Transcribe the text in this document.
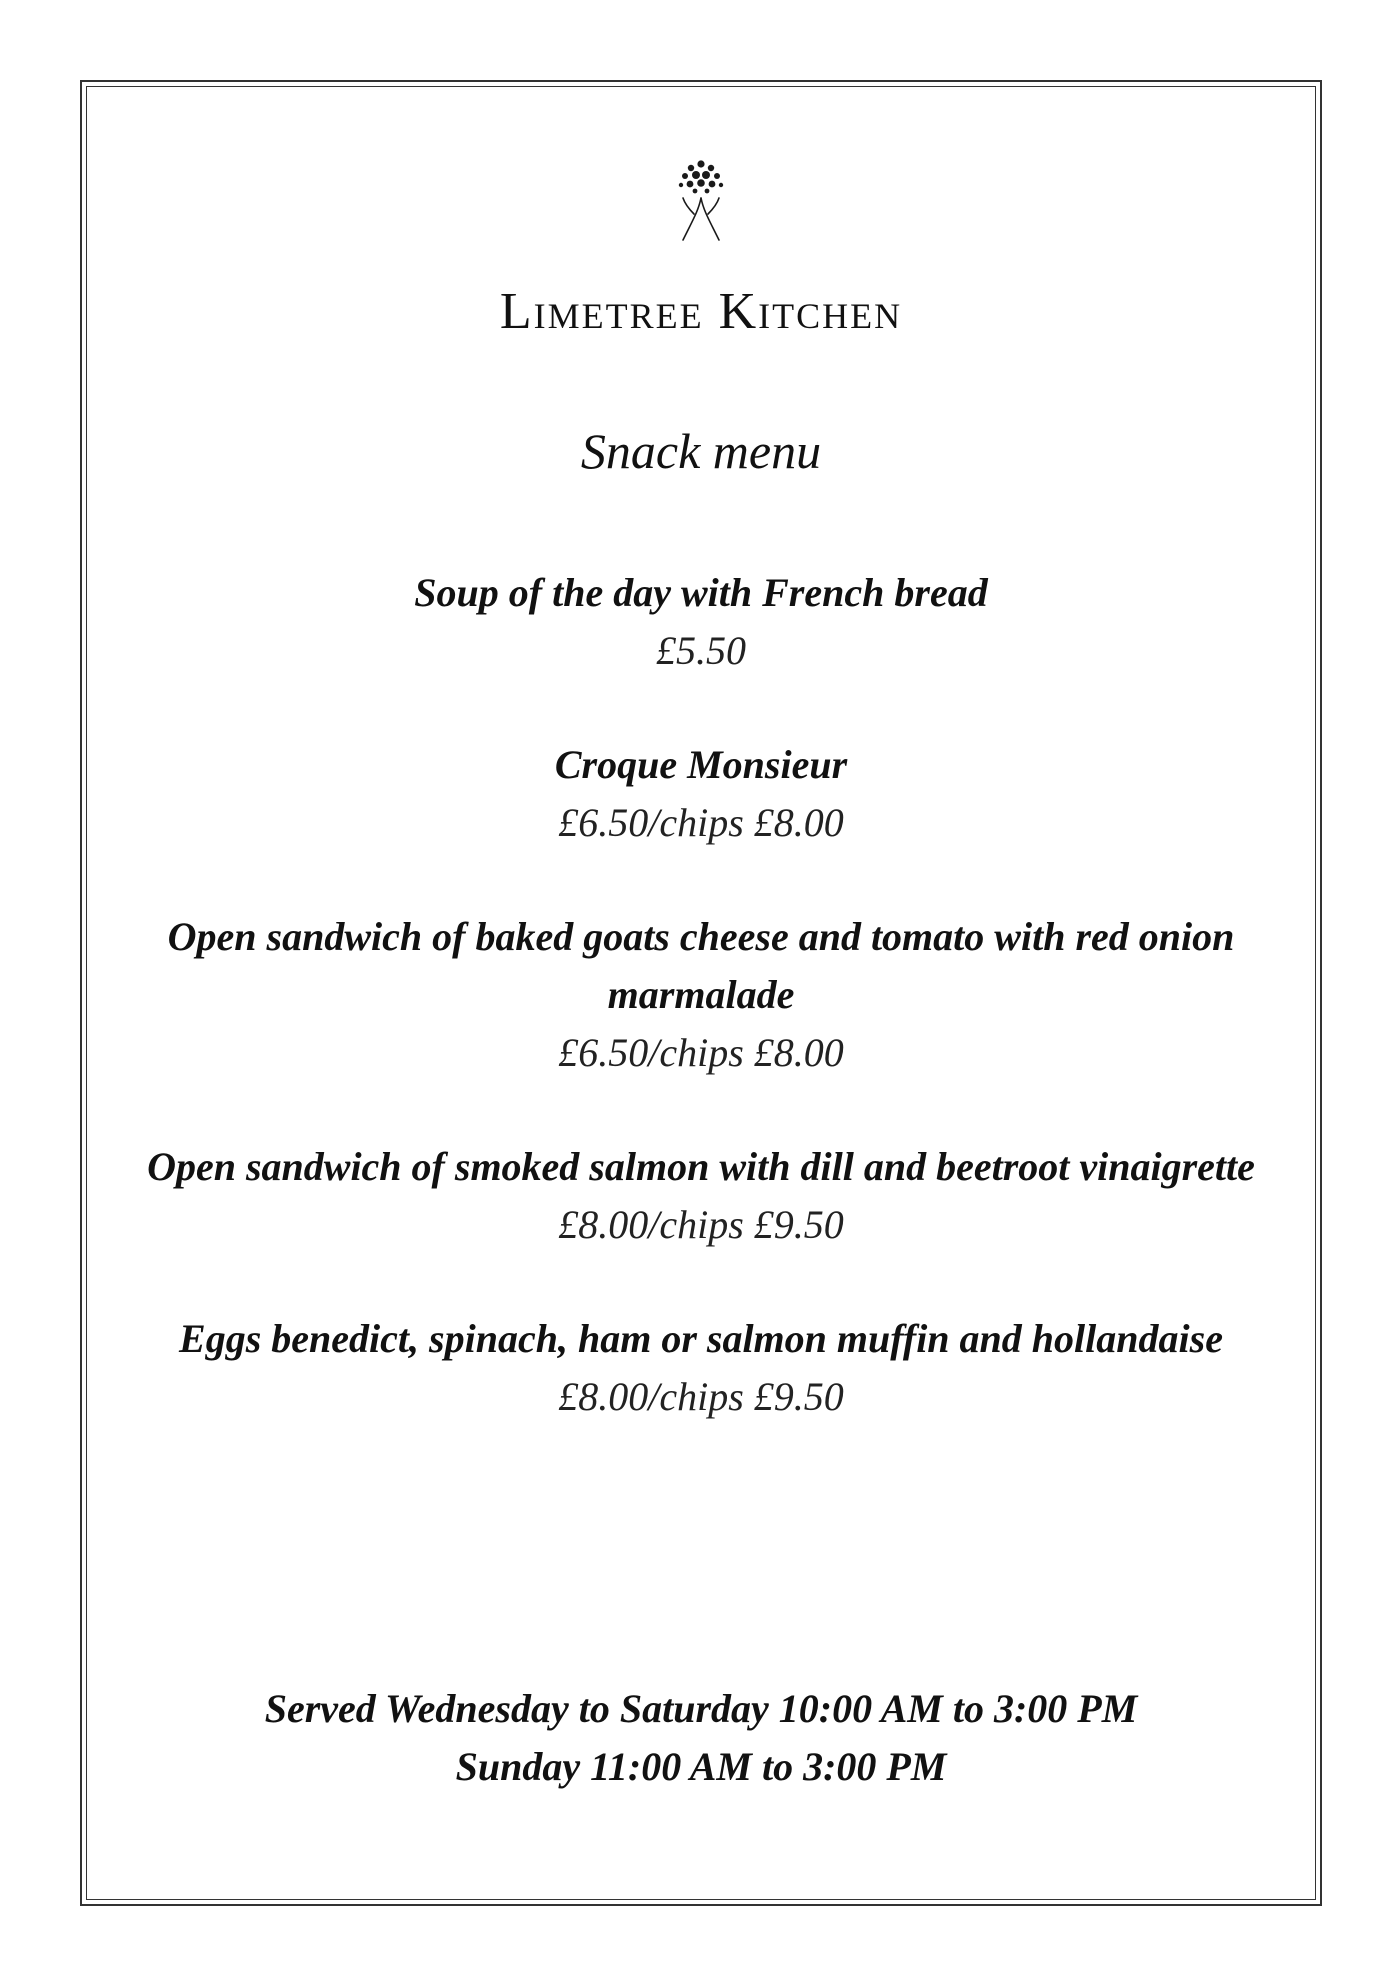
Limetree Kitchen
Snack menu
Soup of the day with French bread
£5.50
Croque Monsieur
£6.50/chips £8.00
Open sandwich of baked goats cheese and tomato with red onion marmalade
£6.50/chips £8.00
Open sandwich of smoked salmon with dill and beetroot vinaigrette
£8.00/chips £9.50
Eggs benedict, spinach, ham or salmon muffin and hollandaise
£8.00/chips £9.50
Served Wednesday to Saturday 10:00 AM to 3:00 PM
Sunday 11:00 AM to 3:00 PM
